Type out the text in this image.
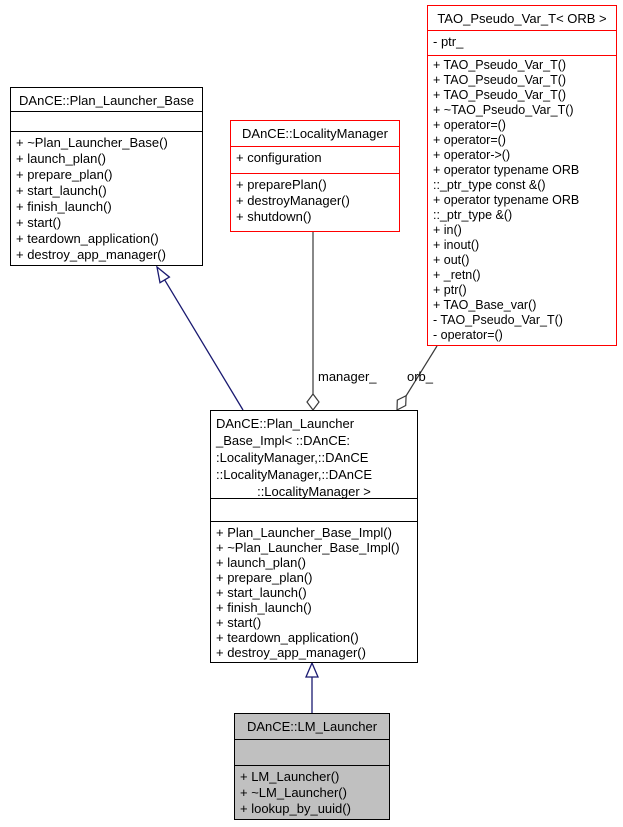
DAnCE::Plan_Launcher_Base
+ ~Plan_Launcher_Base()
+ launch_plan()
+ prepare_plan()
+ start_launch()
+ finish_launch()
+ start()
+ teardown_application()
+ destroy_app_manager()
DAnCE::LocalityManager
+ configuration
+ preparePlan()
+ destroyManager()
+ shutdown()
TAO_Pseudo_Var_T< ORB >
- ptr_
+ TAO_Pseudo_Var_T()
+ TAO_Pseudo_Var_T()
+ TAO_Pseudo_Var_T()
+ ~TAO_Pseudo_Var_T()
+ operator=()
+ operator=()
+ operator->()
+ operator typename ORB
::_ptr_type const &()
+ operator typename ORB
::_ptr_type &()
+ in()
+ inout()
+ out()
+ _retn()
+ ptr()
+ TAO_Base_var()
- TAO_Pseudo_Var_T()
- operator=()
DAnCE::Plan_Launcher
_Base_Impl< ::DAnCE:
:LocalityManager,::DAnCE
::LocalityManager,::DAnCE
::LocalityManager >
+ Plan_Launcher_Base_Impl()
+ ~Plan_Launcher_Base_Impl()
+ launch_plan()
+ prepare_plan()
+ start_launch()
+ finish_launch()
+ start()
+ teardown_application()
+ destroy_app_manager()
DAnCE::LM_Launcher
+ LM_Launcher()
+ ~LM_Launcher()
+ lookup_by_uuid()
manager_ orb_
